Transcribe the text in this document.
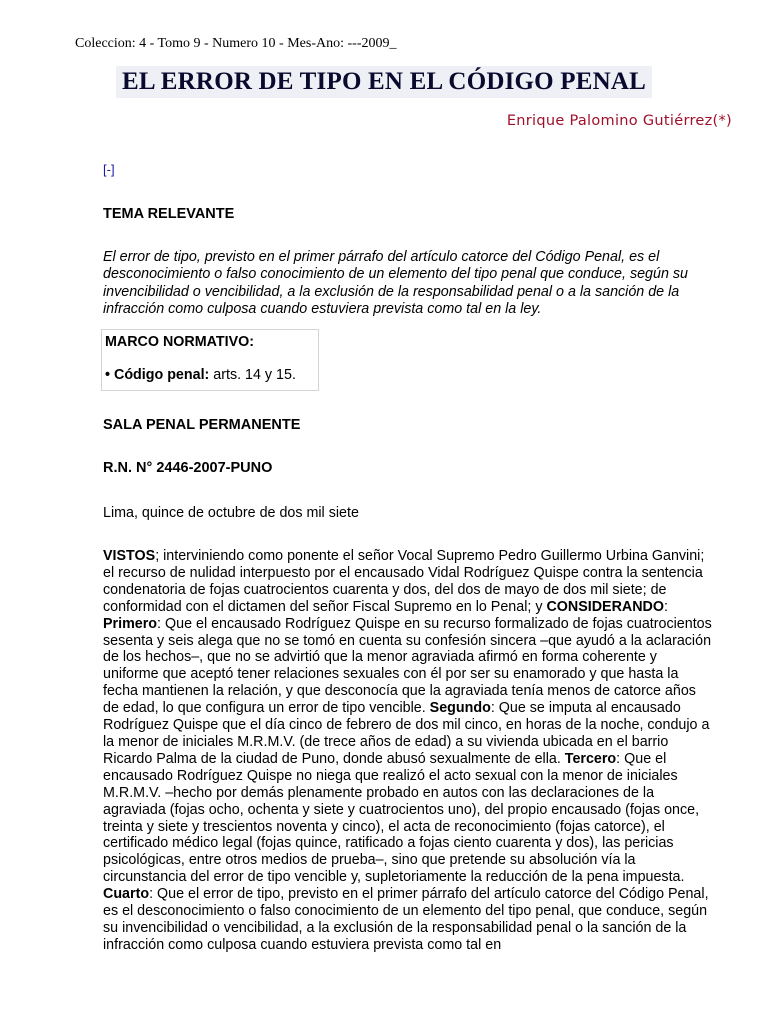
Coleccion: 4 - Tomo 9 - Numero 10 - Mes-Ano: ---2009_
EL ERROR DE TIPO EN EL CÓDIGO PENAL
Enrique Palomino Gutiérrez(*)
[-]
TEMA RELEVANTE
El error de tipo, previsto en el primer párrafo del artículo catorce del Código Penal, es el desconocimiento o falso conocimiento de un elemento del tipo penal que conduce, según su invencibilidad o vencibilidad, a la exclusión de la responsabilidad penal o a la sanción de la infracción como culposa cuando estuviera prevista como tal en la ley.
MARCO NORMATIVO:
• Código penal: arts. 14 y 15.
SALA PENAL PERMANENTE
R.N. N° 2446-2007-PUNO
Lima, quince de octubre de dos mil siete
VISTOS; interviniendo como ponente el señor Vocal Supremo Pedro Guillermo Urbina Ganvini; el recurso de nulidad interpuesto por el encausado Vidal Rodríguez Quispe contra la sentencia condenatoria de fojas cuatrocientos cuarenta y dos, del dos de mayo de dos mil siete; de conformidad con el dictamen del señor Fiscal Supremo en lo Penal; y CONSIDERANDO: Primero: Que el encausado Rodríguez Quispe en su recurso formalizado de fojas cuatrocientos sesenta y seis alega que no se tomó en cuenta su confesión sincera –que ayudó a la aclaración de los hechos–, que no se advirtió que la menor agraviada afirmó en forma coherente y uniforme que aceptó tener relaciones sexuales con él por ser su enamorado y que hasta la fecha mantienen la relación, y que desconocía que la agraviada tenía menos de catorce años de edad, lo que configura un error de tipo vencible. Segundo: Que se imputa al encausado Rodríguez Quispe que el día cinco de febrero de dos mil cinco, en horas de la noche, condujo a la menor de iniciales M.R.M.V. (de trece años de edad) a su vivienda ubicada en el barrio Ricardo Palma de la ciudad de Puno, donde abusó sexualmente de ella. Tercero: Que el encausado Rodríguez Quispe no niega que realizó el acto sexual con la menor de iniciales M.R.M.V. –hecho por demás plenamente probado en autos con las declaraciones de la agraviada (fojas ocho, ochenta y siete y cuatrocientos uno), del propio encausado (fojas once, treinta y siete y trescientos noventa y cinco), el acta de reconocimiento (fojas catorce), el certificado médico legal (fojas quince, ratificado a fojas ciento cuarenta y dos), las pericias psicológicas, entre otros medios de prueba–, sino que pretende su absolución vía la circunstancia del error de tipo vencible y, supletoriamente la reducción de la pena impuesta. Cuarto: Que el error de tipo, previsto en el primer párrafo del artículo catorce del Código Penal, es el desconocimiento o falso conocimiento de un elemento del tipo penal, que conduce, según su invencibilidad o vencibilidad, a la exclusión de la responsabilidad penal o la sanción de la infracción como culposa cuando estuviera prevista como tal en
